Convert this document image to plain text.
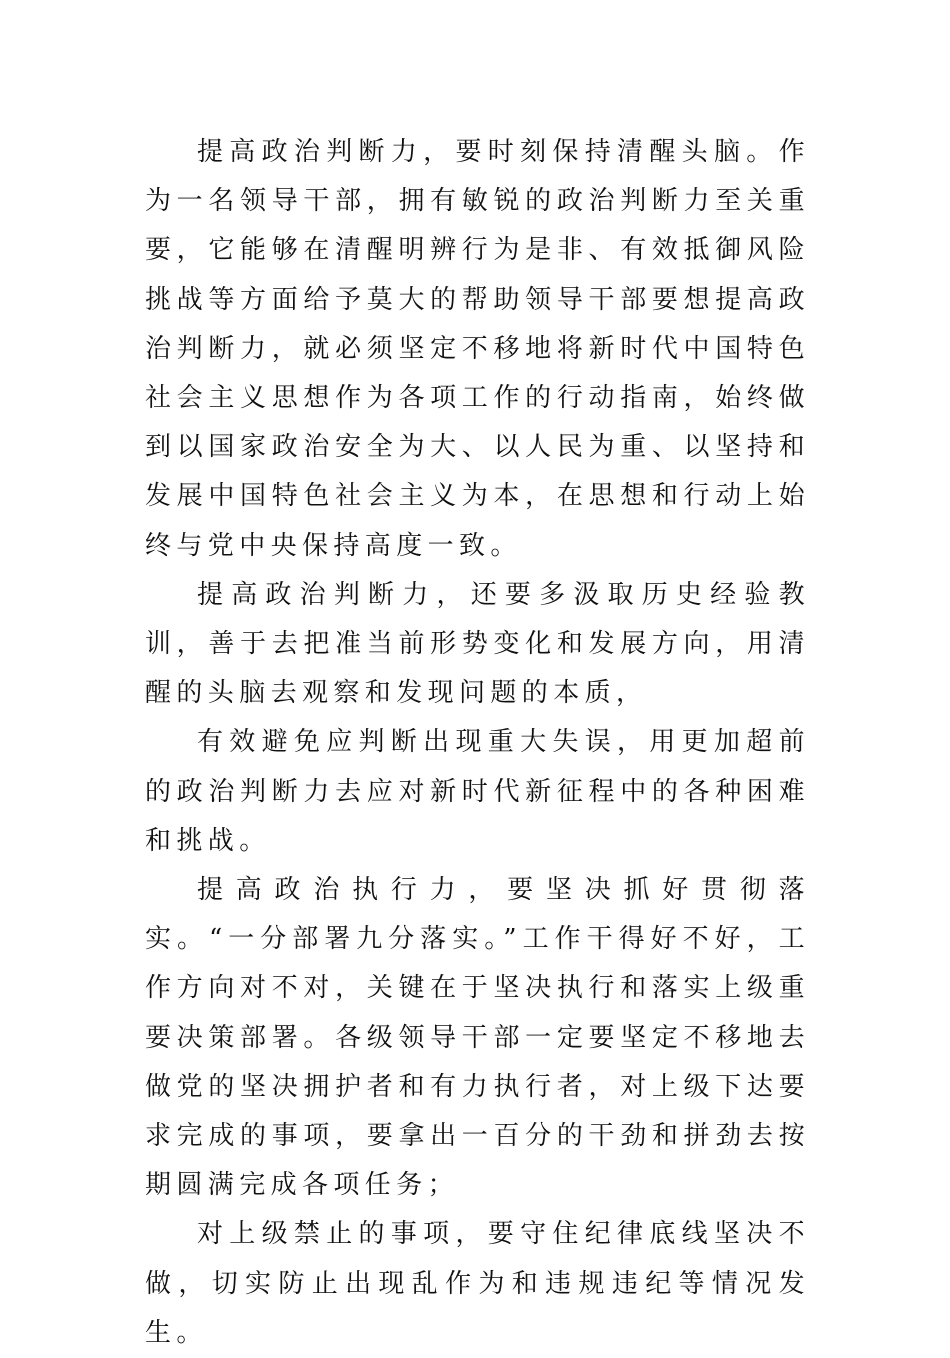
提高政治判断力，要时刻保持清醒头脑。作为一名领导干部，拥有敏锐的政治判断力至关重要，它能够在清醒明辨行为是非、有效抵御风险挑战等方面给予莫大的帮助领导干部要想提高政治判断力，就必须坚定不移地将新时代中国特色社会主义思想作为各项工作的行动指南，始终做到以国家政治安全为大、以人民为重、以坚持和发展中国特色社会主义为本，在思想和行动上始终与党中央保持高度一致。

提高政治判断力，还要多汲取历史经验教训，善于去把准当前形势变化和发展方向，用清醒的头脑去观察和发现问题的本质，

有效避免应判断出现重大失误，用更加超前的政治判断力去应对新时代新征程中的各种困难和挑战。

提高政治执行力，要坚决抓好贯彻落实。“一分部署九分落实。”工作干得好不好，工作方向对不对，关键在于坚决执行和落实上级重要决策部署。各级领导干部一定要坚定不移地去做党的坚决拥护者和有力执行者，对上级下达要求完成的事项，要拿出一百分的干劲和拼劲去按期圆满完成各项任务；

对上级禁止的事项，要守住纪律底线坚决不做，切实防止出现乱作为和违规违纪等情况发生。
